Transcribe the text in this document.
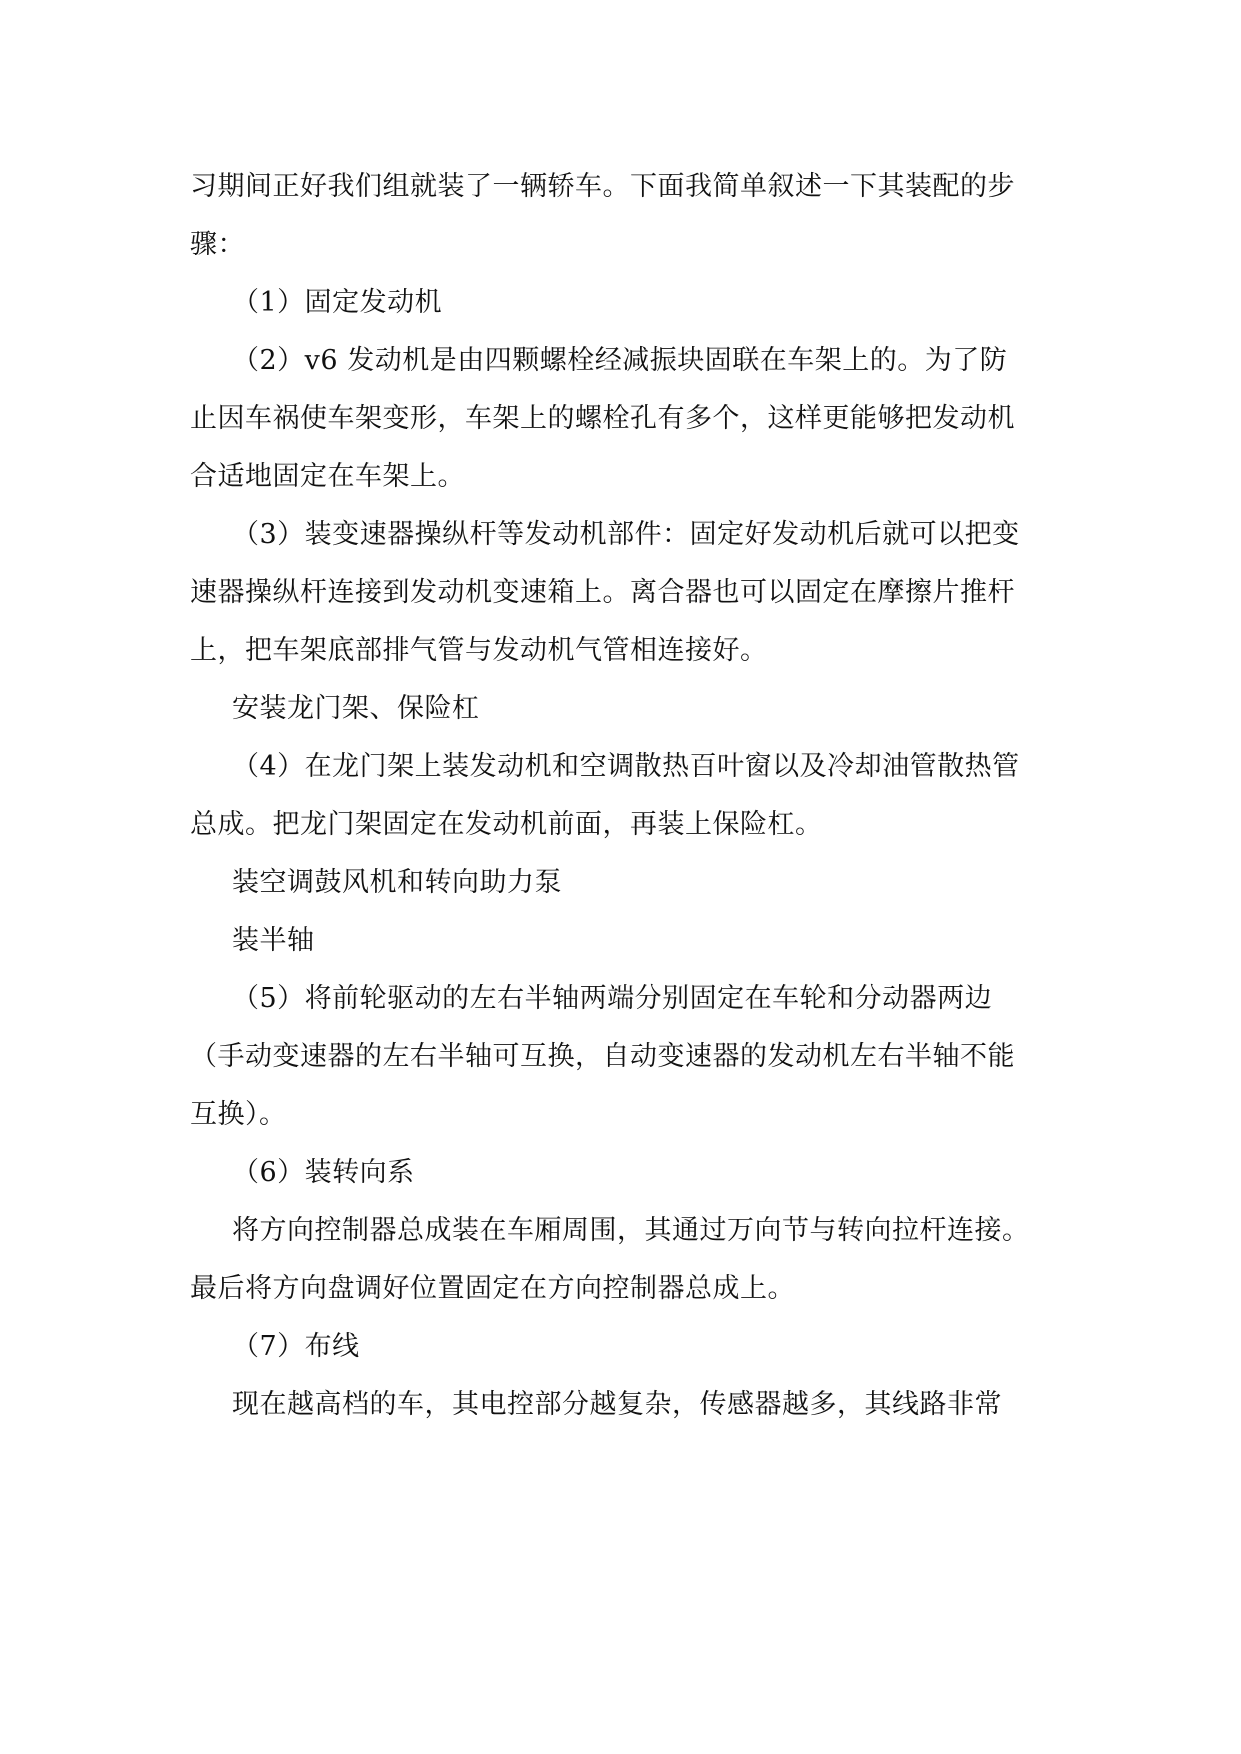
习期间正好我们组就装了一辆轿车。下面我简单叙述一下其装配的步
骤：
（1）固定发动机
（2）v6 发动机是由四颗螺栓经减振块固联在车架上的。为了防
止因车祸使车架变形，车架上的螺栓孔有多个，这样更能够把发动机
合适地固定在车架上。
（3）装变速器操纵杆等发动机部件：固定好发动机后就可以把变
速器操纵杆连接到发动机变速箱上。离合器也可以固定在摩擦片推杆
上，把车架底部排气管与发动机气管相连接好。
安装龙门架、保险杠
（4）在龙门架上装发动机和空调散热百叶窗以及冷却油管散热管
总成。把龙门架固定在发动机前面，再装上保险杠。
装空调鼓风机和转向助力泵
装半轴
（5）将前轮驱动的左右半轴两端分别固定在车轮和分动器两边
（手动变速器的左右半轴可互换，自动变速器的发动机左右半轴不能
互换）。
（6）装转向系
将方向控制器总成装在车厢周围，其通过万向节与转向拉杆连接。
最后将方向盘调好位置固定在方向控制器总成上。
（7）布线
现在越高档的车，其电控部分越复杂，传感器越多，其线路非常
